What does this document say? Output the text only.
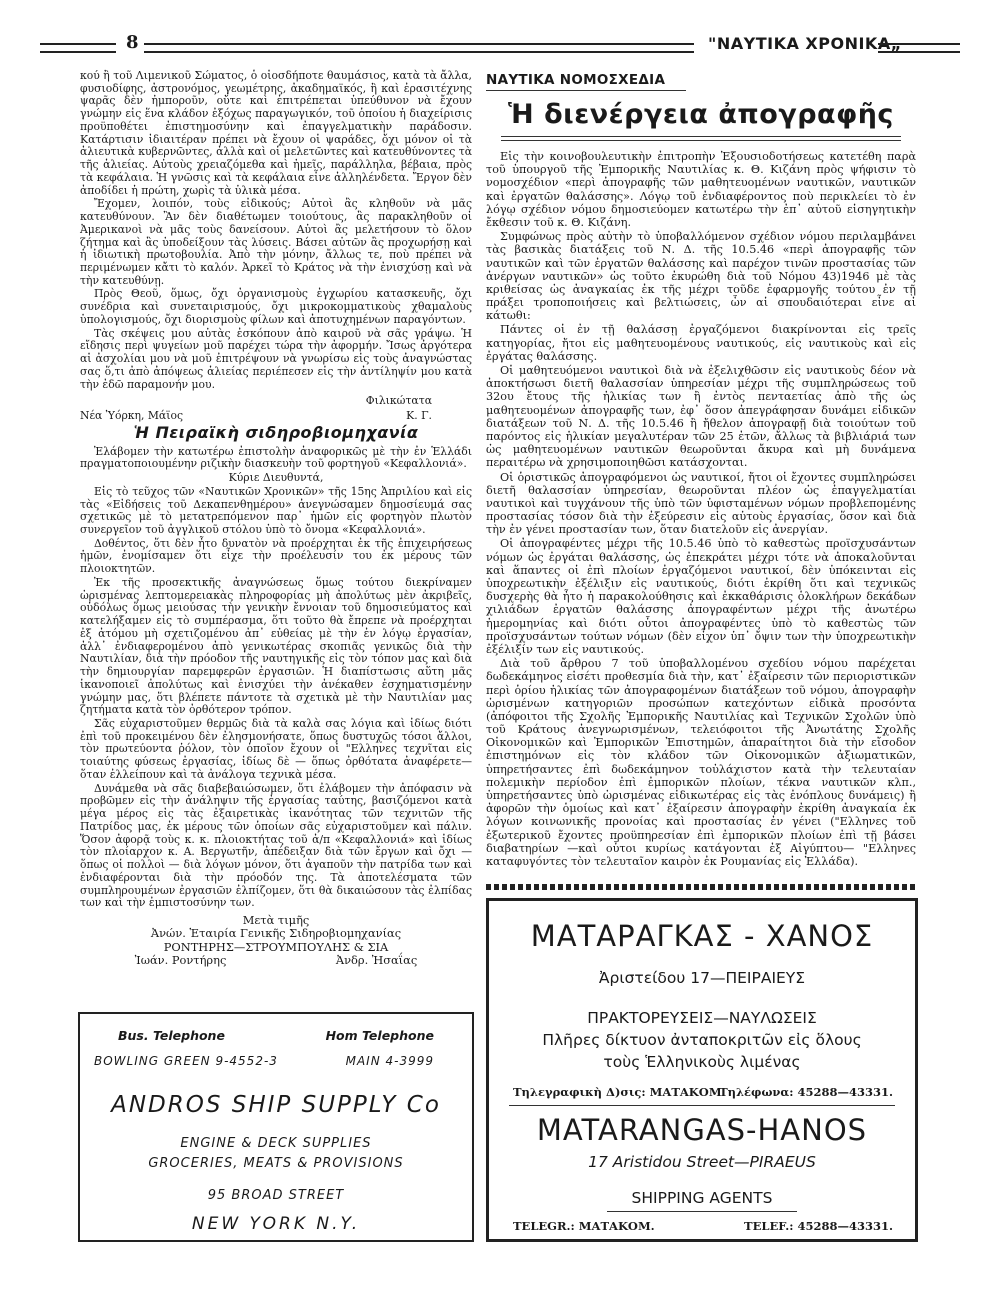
8	"ΝΑΥΤΙΚΑ ΧΡΟΝΙΚΑ„

κού ἢ τοῦ Λιμενικοῦ Σώματος, ὁ οἱοσδήποτε θαυμάσιος, κατὰ τὰ ἄλλα, φυσιοδίφης, ἀστρονόμος, γεωμέτρης, ἀκαδημαϊκός, ἢ καὶ ἐρασιτέχνης ψαρᾶς δὲν ἠμποροῦν, οὔτε καὶ ἐπιτρέπεται ὑπεύθυνον νὰ ἔχουν γνώμην εἰς ἕνα κλάδον ἐξόχως παραγωγικόν, τοῦ ὁποίου ἡ διαχείρισις προϋποθέτει ἐπιστημοσύνην καὶ ἐπαγγελματικὴν παράδοσιν. Κατάρτισιν ἰδιαιτέραν πρέπει νὰ ἔχουν οἱ ψαράδες, ὄχι μόνον οἱ τὰ ἁλιευτικὰ κυβερνῶντες, ἀλλὰ καὶ οἱ μελετῶντες καὶ κατευθύνοντες τὰ τῆς ἁλιείας. Αὐτοὺς χρειαζόμεθα καὶ ἡμεῖς, παράλληλα, βέβαια, πρὸς τὰ κεφάλαια. Ἡ γνῶσις καὶ τὰ κεφάλαια εἶνε ἀλληλένδετα. Ἔργον δὲν ἀποδίδει ἡ πρώτη, χωρὶς τὰ ὑλικὰ μέσα.

Ἔχομεν, λοιπόν, τοὺς εἰδικούς; Αὐτοὶ ἂς κληθοῦν νὰ μᾶς κατευθύνουν. Ἂν δὲν διαθέτωμεν τοιούτους, ἂς παρακληθοῦν οἱ Ἀμερικανοὶ νὰ μᾶς τοὺς δανείσουν. Αὐτοὶ ἂς μελετήσουν τὸ ὅλον ζήτημα καὶ ἂς ὑποδείξουν τὰς λύσεις. Βάσει αὐτῶν ἂς προχωρήσῃ καὶ ἡ ἰδιωτικὴ πρωτοβουλία. Ἀπὸ τὴν μόνην, ἄλλως τε, ποὺ πρέπει νὰ περιμένωμεν κἄτι τὸ καλόν. Ἀρκεῖ τὸ Κράτος νὰ τὴν ἐνισχύσῃ καὶ νὰ τὴν κατευθύνῃ.

Πρὸς Θεοῦ, ὅμως, ὄχι ὀργανισμοὺς ἐγχωρίου κατασκευῆς, ὄχι συνέδρια καὶ συνεταιρισμούς, ὄχι μικροκομματικοὺς χθαμαλοὺς ὑπολογισμούς, ὄχι διορισμοὺς φίλων καὶ ἀποτυχημένων παραγόντων.

Τὰς σκέψεις μου αὐτὰς ἐσκόπουν ἀπὸ καιροῦ νὰ σᾶς γράψω. Ἡ εἴδησις περὶ ψυγείων μοῦ παρέχει τώρα τὴν ἀφορμήν. Ἴσως ἀργότερα αἱ ἀσχολίαι μου νὰ μοῦ ἐπιτρέψουν νὰ γνωρίσω εἰς τοὺς ἀναγνώστας σας ὅ,τι ἀπὸ ἀπόψεως ἁλιείας περιέπεσεν εἰς τὴν ἀντίληψίν μου κατὰ τὴν ἐδῶ παραμονήν μου.

Φιλικώτατα
Νέα Ὑόρκη, Μάϊος	Κ. Γ.
Ἡ Πειραϊκὴ σιδηροβιομηχανία

Ἐλάβομεν τὴν κατωτέρω ἐπιστολὴν ἀναφορικῶς μὲ τὴν ἐν Ἑλλάδι πραγματοποιουμένην ριζικὴν διασκευὴν τοῦ φορτηγοῦ «Κεφαλλονιά».

Κύριε Διευθυντά,

Εἰς τὸ τεῦχος τῶν «Ναυτικῶν Χρονικῶν» τῆς 15ης Ἀπριλίου καὶ εἰς τὰς «Εἰδήσεις τοῦ Δεκαπενθημέρου» ἀνεγνώσαμεν δημοσίευμά σας σχετικῶς μὲ τὸ μετατρεπόμενον παρ᾽ ἡμῶν εἰς φορτηγὸν πλωτὸν συνεργεῖον τοῦ ἀγγλικοῦ στόλου ὑπὸ τὸ ὄνομα «Κεφαλλονιά».

Δοθέντος, ὅτι δὲν ἦτο δυνατὸν νὰ προέρχηται ἐκ τῆς ἐπιχειρήσεως ἡμῶν, ἐνομίσαμεν ὅτι εἶχε τὴν προέλευσίν του ἐκ μέρους τῶν πλοιοκτητῶν.

Ἐκ τῆς προσεκτικῆς ἀναγνώσεως ὅμως τούτου διεκρίναμεν ὡρισμένας λεπτομερειακὰς πληροφορίας μὴ ἀπολύτως μὲν ἀκριβεῖς, οὐδόλως ὅμως μειούσας τὴν γενικὴν ἔννοιαν τοῦ δημοσιεύματος καὶ κατελήξαμεν εἰς τὸ συμπέρασμα, ὅτι τοῦτο θὰ ἔπρεπε νὰ προέρχηται ἐξ ἀτόμου μὴ σχετιζομένου ἀπ᾽ εὐθείας μὲ τὴν ἐν λόγῳ ἐργασίαν, ἀλλ᾽ ἐνδιαφερομένου ἀπὸ γενικωτέρας σκοπιᾶς γενικῶς διὰ τὴν Ναυτιλίαν, διὰ τὴν πρόοδον τῆς ναυτηγικῆς εἰς τὸν τόπον μας καὶ διὰ τὴν δημιουργίαν παρεμφερῶν ἐργασιῶν. Ἡ διαπίστωσις αὕτη μᾶς ἱκανοποιεῖ ἀπολύτως καὶ ἐνισχύει τὴν ἀνέκαθεν ἐσχηματισμένην γνώμην μας, ὅτι βλέπετε πάντοτε τὰ σχετικὰ μὲ τὴν Ναυτιλίαν μας ζητήματα κατὰ τὸν ὀρθότερον τρόπον.

Σᾶς εὐχαριστοῦμεν θερμῶς διὰ τὰ καλὰ σας λόγια καὶ ἰδίως διότι ἐπὶ τοῦ προκειμένου δὲν ἐλησμονήσατε, ὅπως δυστυχῶς τόσοι ἄλλοι, τὸν πρωτεύοντα ῥόλον, τὸν ὁποῖον ἔχουν οἱ "Ελληνες τεχνῖται εἰς τοιαύτης φύσεως ἐργασίας, ἰδίως δὲ — ὅπως ὀρθότατα ἀναφέρετε— ὅταν ἐλλείπουν καὶ τὰ ἀνάλογα τεχνικὰ μέσα.

Δυνάμεθα νὰ σᾶς διαβεβαιώσωμεν, ὅτι ἐλάβομεν τὴν ἀπόφασιν νὰ προβῶμεν εἰς τὴν ἀνάληψιν τῆς ἐργασίας ταύτης, βασιζόμενοι κατὰ μέγα μέρος εἰς τὰς ἐξαιρετικὰς ἱκανότητας τῶν τεχνιτῶν τῆς Πατρίδος μας, ἐκ μέρους τῶν ὁποίων σᾶς εὐχαριστοῦμεν καὶ πάλιν. Ὅσον ἀφορᾷ τοὺς κ. κ. πλοιοκτήτας τοῦ ἀ/π «Κεφαλλονιά» καὶ ἰδίως τὸν πλοίαρχον κ. Α. Βεργωτῆν, ἀπέδειξαν διὰ τῶν ἔργων καὶ ὄχι — ὅπως οἱ πολλοὶ — διὰ λόγων μόνον, ὅτι ἀγαποῦν τὴν πατρίδα των καὶ ἐνδιαφέρονται διὰ τὴν πρόοδόν της. Τὰ ἀποτελέσματα τῶν συμπληρουμένων ἐργασιῶν ἐλπίζομεν, ὅτι θὰ δικαιώσουν τὰς ἐλπίδας των καὶ τὴν ἐμπιστοσύνην των.

Μετὰ τιμῆς
Ἀνών. Ἑταιρία Γενικῆς Σιδηροβιομηχανίας
ΡΟΝΤΗΡΗΣ—ΣΤΡΟΥΜΠΟΥΛΗΣ & ΣΙΑ
Ἰωάν. Ροντήρης	Ἀνδρ. Ἠσαΐας
ΝΑΥΤΙΚΑ ΝΟΜΟΣΧΕΔΙΑ
Ἡ διενέργεια ἀπογραφῆς

Εἰς τὴν κοινοβουλευτικὴν ἐπιτροπὴν Ἐξουσιοδοτήσεως κατετέθη παρὰ τοῦ ὑπουργοῦ τῆς Ἐμπορικῆς Ναυτιλίας κ. Θ. Κιζάνη πρὸς ψήφισιν τὸ νομοσχέδιον «περὶ ἀπογραφῆς τῶν μαθητευομένων ναυτικῶν, ναυτικῶν καὶ ἐργατῶν θαλάσσης». Λόγῳ τοῦ ἐνδιαφέροντος ποὺ περικλείει τὸ ἐν λόγῳ σχέδιον νόμου δημοσιεύομεν κατωτέρω τὴν ἐπ᾽ αὐτοῦ εἰσηγητικὴν ἔκθεσιν τοῦ κ. Θ. Κιζάνη.

Συμφώνως πρὸς αὐτὴν τὸ ὑποβαλλόμενον σχέδιον νόμου περιλαμβάνει τὰς βασικὰς διατάξεις τοῦ Ν. Δ. τῆς 10.5.46 «περὶ ἀπογραφῆς τῶν ναυτικῶν καὶ τῶν ἐργατῶν θαλάσσης καὶ παρέχον τινῶν προστασίας τῶν ἀνέργων ναυτικῶν» ὡς τοῦτο ἐκυρώθη διὰ τοῦ Νόμου 43)1946 μὲ τὰς κριθείσας ὡς ἀναγκαίας ἐκ τῆς μέχρι τοῦδε ἐφαρμογῆς τούτου ἐν τῇ πράξει τροποποιήσεις καὶ βελτιώσεις, ὧν αἱ σπουδαιότεραι εἶνε αἱ κάτωθι:

Πάντες οἱ ἐν τῇ θαλάσσῃ ἐργαζόμενοι διακρίνονται εἰς τρεῖς κατηγορίας, ἤτοι εἰς μαθητευομένους ναυτικούς, εἰς ναυτικοὺς καὶ εἰς ἐργάτας θαλάσσης.

Οἱ μαθητευόμενοι ναυτικοὶ διὰ νὰ ἐξελιχθῶσιν εἰς ναυτικοὺς δέον νὰ ἀποκτήσωσι διετῆ θαλασσίαν ὑπηρεσίαν μέχρι τῆς συμπληρώσεως τοῦ 32ου ἔτους τῆς ἡλικίας των ἢ ἐντὸς πενταετίας ἀπὸ τῆς ὡς μαθητευομένων ἀπογραφῆς των, ἐφ᾽ ὅσον ἀπεγράφησαν δυνάμει εἰδικῶν διατάξεων τοῦ Ν. Δ. τῆς 10.5.46 ἢ ἤθελον ἀπογραφῇ διὰ τοιούτων τοῦ παρόντος εἰς ἡλικίαν μεγαλυτέραν τῶν 25 ἐτῶν, ἄλλως τὰ βιβλιάριά των ὡς μαθητευομένων ναυτικῶν θεωροῦνται ἄκυρα καὶ μὴ δυνάμενα περαιτέρω νὰ χρησιμοποιηθῶσι κατάσχονται.

Οἱ ὁριστικῶς ἀπογραφόμενοι ὡς ναυτικοί, ἤτοι οἱ ἔχοντες συμπληρώσει διετῆ θαλασσίαν ὑπηρεσίαν, θεωροῦνται πλέον ὡς ἐπαγγελματίαι ναυτικοὶ καὶ τυγχάνουν τῆς ὑπὸ τῶν ὑφισταμένων νόμων προβλεπομένης προστασίας τόσον διὰ τὴν ἐξεύρεσιν εἰς αὐτοὺς ἐργασίας, ὅσον καὶ διὰ τὴν ἐν γένει προστασίαν των, ὅταν διατελοῦν εἰς ἀνεργίαν.

Οἱ ἀπογραφέντες μέχρι τῆς 10.5.46 ὑπὸ τὸ καθεστὼς προϊσχυσάντων νόμων ὡς ἐργάται θαλάσσης, ὡς ἐπεκράτει μέχρι τότε νὰ ἀποκαλοῦνται καὶ ἅπαντες οἱ ἐπὶ πλοίων ἐργαζόμενοι ναυτικοί, δὲν ὑπόκεινται εἰς ὑποχρεωτικὴν ἐξέλιξιν εἰς ναυτικούς, διότι ἐκρίθη ὅτι καὶ τεχνικῶς δυσχερὴς θὰ ἦτο ἡ παρακολούθησις καὶ ἐκκαθάρισις ὁλοκλήρων δεκάδων χιλιάδων ἐργατῶν θαλάσσης ἀπογραφέντων μέχρι τῆς ἀνωτέρω ἡμερομηνίας καὶ διότι οὗτοι ἀπογραφέντες ὑπὸ τὸ καθεστὼς τῶν προϊσχυσάντων τούτων νόμων (δὲν εἶχον ὑπ᾽ ὄψιν των τὴν ὑποχρεωτικὴν ἐξέλιξίν των εἰς ναυτικούς.

Διὰ τοῦ ἄρθρου 7 τοῦ ὑποβαλλομένου σχεδίου νόμου παρέχεται δωδεκάμηνος εἰσέτι προθεσμία διὰ τὴν, κατ᾽ ἐξαίρεσιν τῶν περιοριστικῶν περὶ ὁρίου ἡλικίας τῶν ἀπογραφομένων διατάξεων τοῦ νόμου, ἀπογραφὴν ὡρισμένων κατηγοριῶν προσώπων κατεχόντων εἰδικὰ προσόντα (ἀπόφοιτοι τῆς Σχολῆς Ἐμπορικῆς Ναυτιλίας καὶ Τεχνικῶν Σχολῶν ὑπὸ τοῦ Κράτους ἀνεγνωρισμένων, τελειόφοιτοι τῆς Ἀνωτάτης Σχολῆς Οἰκονομικῶν καὶ Ἐμπορικῶν Ἐπιστημῶν, ἀπαραίτητοι διὰ τὴν εἴσοδον ἐπιστημόνων εἰς τὸν κλάδον τῶν Οἰκονομικῶν ἀξιωματικῶν, ὑπηρετήσαντες ἐπὶ δωδεκάμηνον τοὐλάχιστον κατὰ τὴν τελευταίαν πολεμικὴν περίοδον ἐπὶ ἐμπορικῶν πλοίων, τέκνα ναυτικῶν κλπ., ὑπηρετήσαντες ὑπὸ ὡρισμένας εἰδικωτέρας εἰς τὰς ἐνόπλους δυνάμεις) ἢ ἀφορῶν τὴν ὁμοίως καὶ κατ᾽ ἐξαίρεσιν ἀπογραφὴν ἐκρίθη ἀναγκαία ἐκ λόγων κοινωνικῆς προνοίας καὶ προστασίας ἐν γένει ("Ελληνες τοῦ ἐξωτερικοῦ ἔχοντες προϋπηρεσίαν ἐπὶ ἐμπορικῶν πλοίων ἐπὶ τῇ βάσει διαβατηρίων —καὶ οὗτοι κυρίως κατάγονται ἐξ Αἰγύπτου— "Ελληνες καταφυγόντες τὸν τελευταῖον καιρὸν ἐκ Ρουμανίας εἰς Ἑλλάδα).

Bus. Telephone	Hom Telephone
BOWLING GREEN 9-4552-3	MAIN 4-3999
ANDROS SHIP SUPPLY Co
ENGINE & DECK SUPPLIES
GROCERIES, MEATS & PROVISIONS
95 BROAD STREET
NEW YORK N.Y.
ΜΑΤΑΡΑΓΚΑΣ - ΧΑΝΟΣ
Ἀριστείδου 17—ΠΕΙΡΑΙΕΥΣ
ΠΡΑΚΤΟΡΕΥΣΕΙΣ—ΝΑΥΛΩΣΕΙΣ
Πλῆρες δίκτυον ἀνταποκριτῶν εἰς ὅλους
τοὺς Ἑλληνικοὺς λιμένας
Τηλεγραφικὴ Δ)σις: ΜΑΤΑΚΟΜ.
Τηλέφωνα: 45288—43331.
MATARANGAS-HANOS
17 Aristidou Street—PIRAEUS
SHIPPING AGENTS
TELEGR.: ΜΑΤΑΚΟΜ.	TELEF.: 45288—43331.
